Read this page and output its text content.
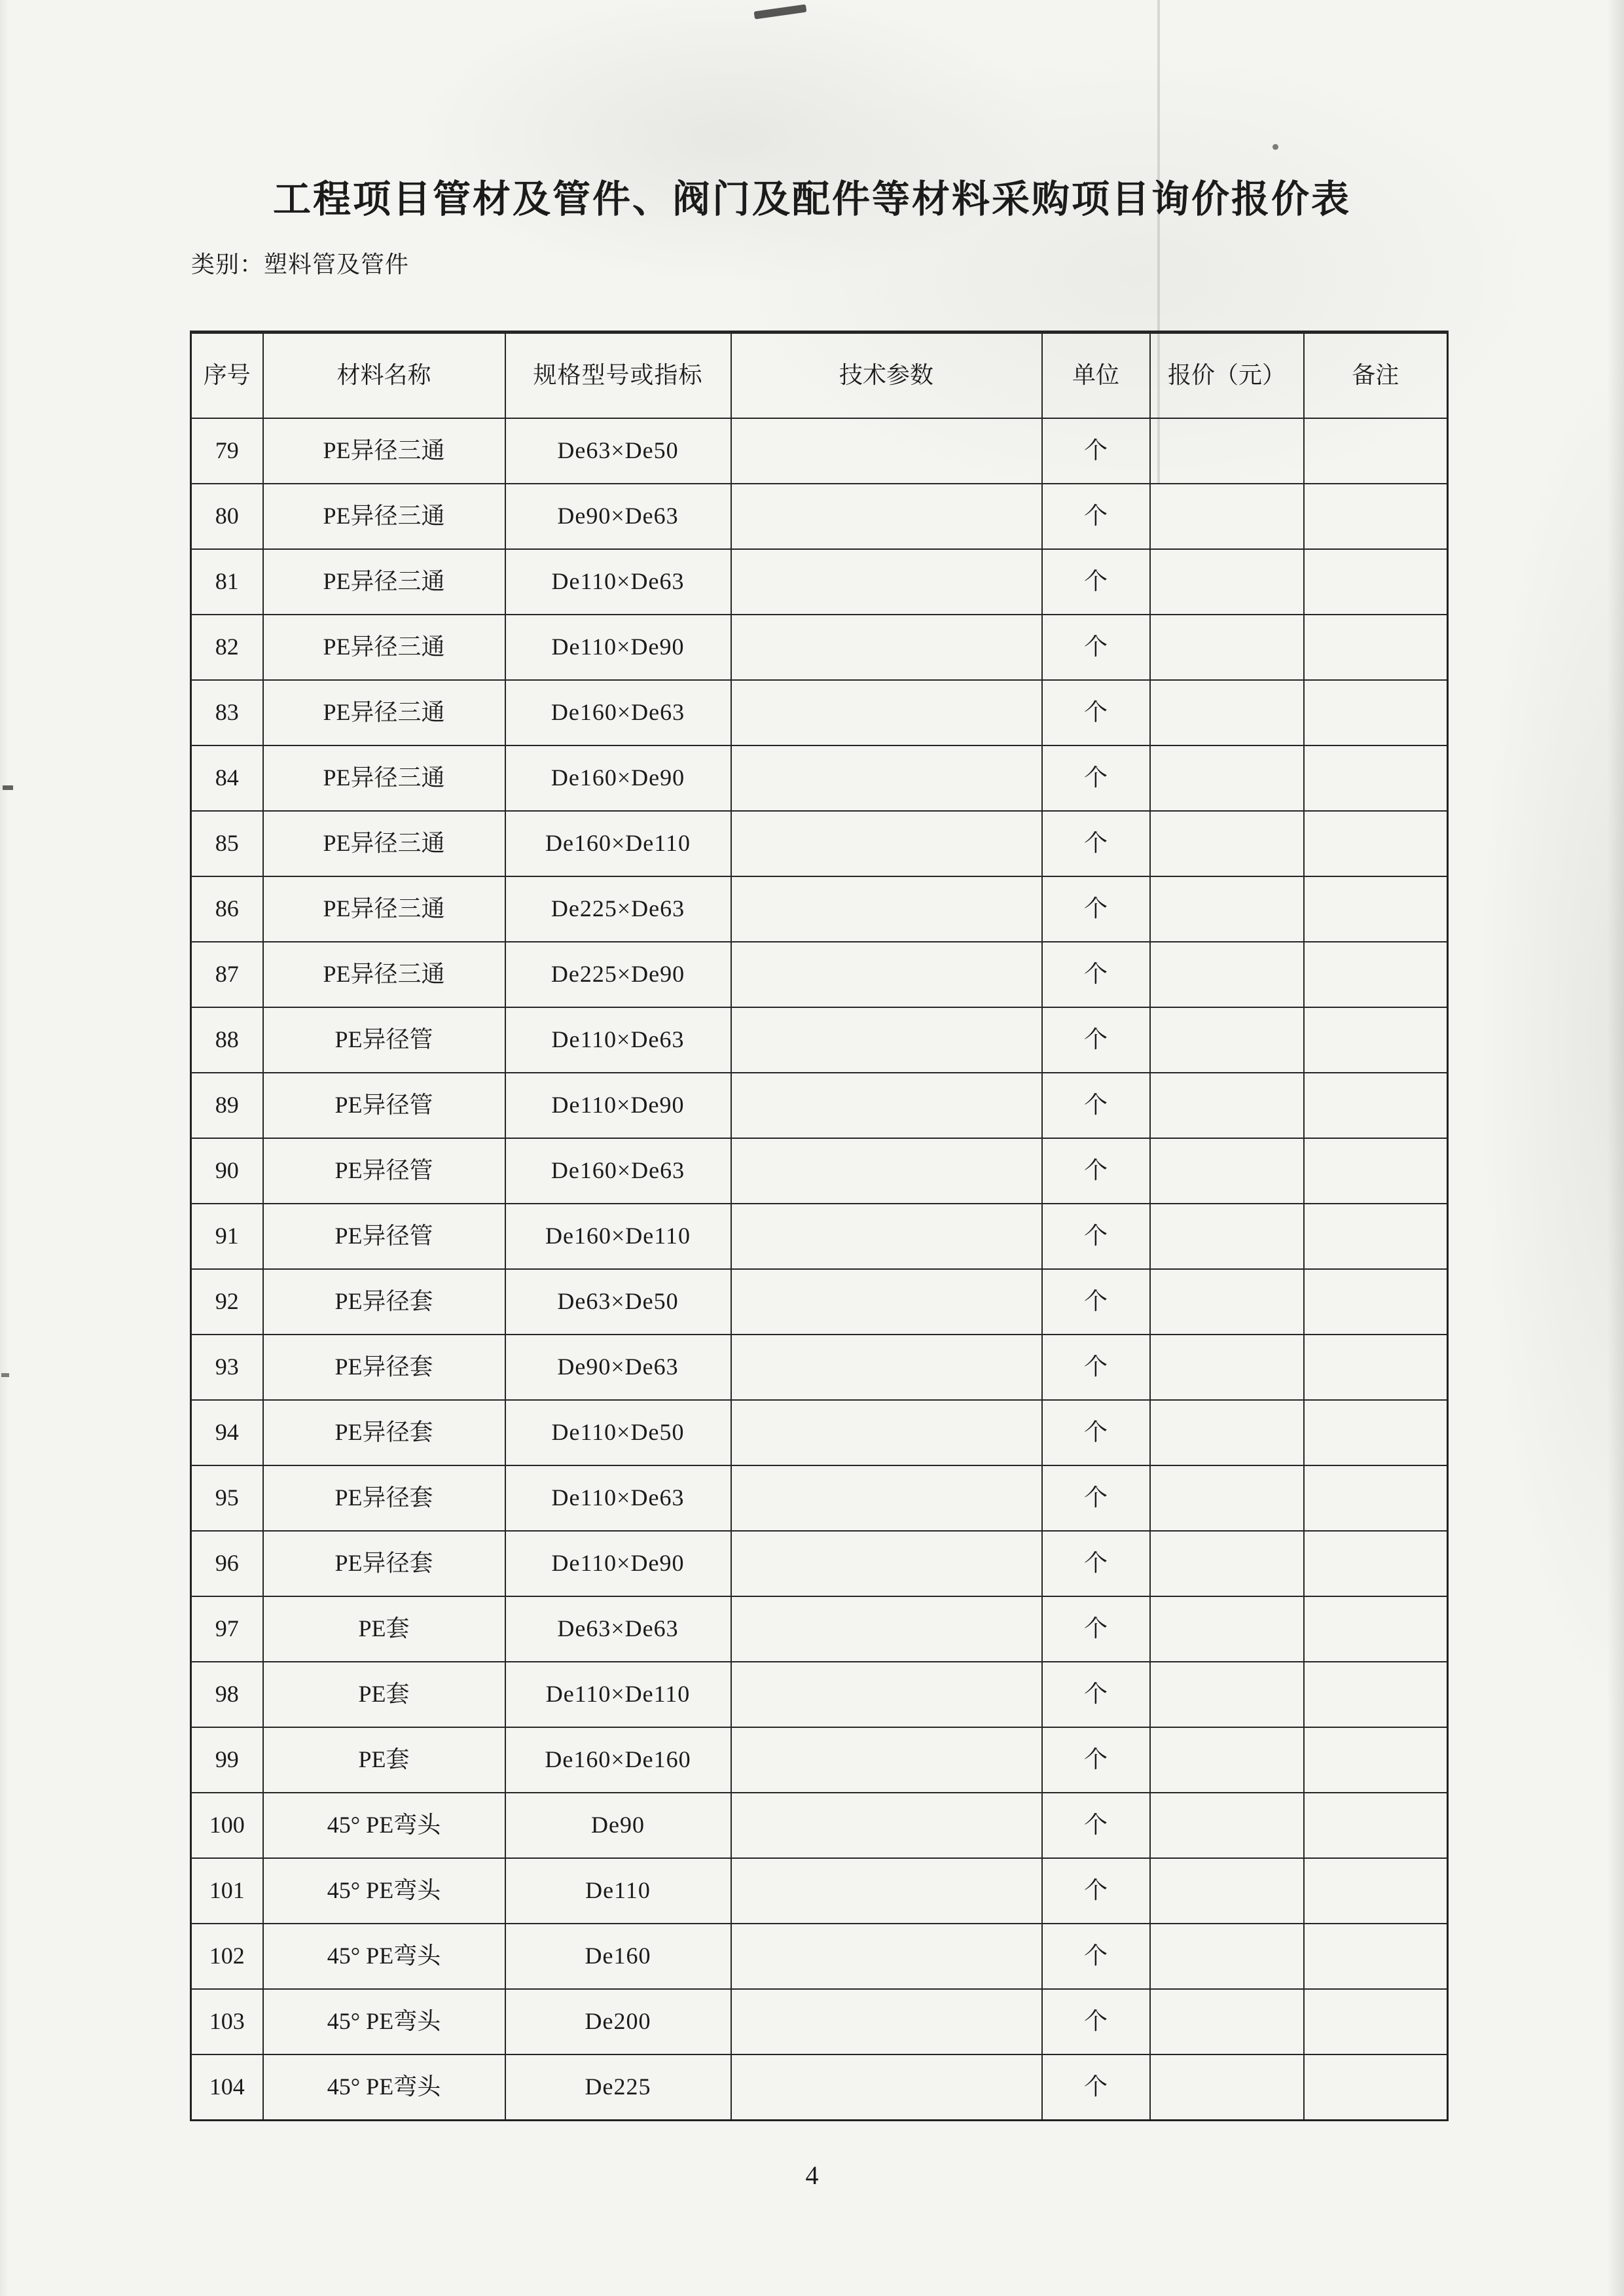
工程项目管材及管件、阀门及配件等材料采购项目询价报价表
类别：塑料管及管件
序号	材料名称	规格型号或指标	技术参数	单位	报价（元）	备注
79	PE异径三通	De63×De50		个		
80	PE异径三通	De90×De63		个		
81	PE异径三通	De110×De63		个		
82	PE异径三通	De110×De90		个		
83	PE异径三通	De160×De63		个		
84	PE异径三通	De160×De90		个		
85	PE异径三通	De160×De110		个		
86	PE异径三通	De225×De63		个		
87	PE异径三通	De225×De90		个		
88	PE异径管	De110×De63		个		
89	PE异径管	De110×De90		个		
90	PE异径管	De160×De63		个		
91	PE异径管	De160×De110		个		
92	PE异径套	De63×De50		个		
93	PE异径套	De90×De63		个		
94	PE异径套	De110×De50		个		
95	PE异径套	De110×De63		个		
96	PE异径套	De110×De90		个		
97	PE套	De63×De63		个		
98	PE套	De110×De110		个		
99	PE套	De160×De160		个		
100	45° PE弯头	De90		个		
101	45° PE弯头	De110		个		
102	45° PE弯头	De160		个		
103	45° PE弯头	De200		个		
104	45° PE弯头	De225		个		
4
